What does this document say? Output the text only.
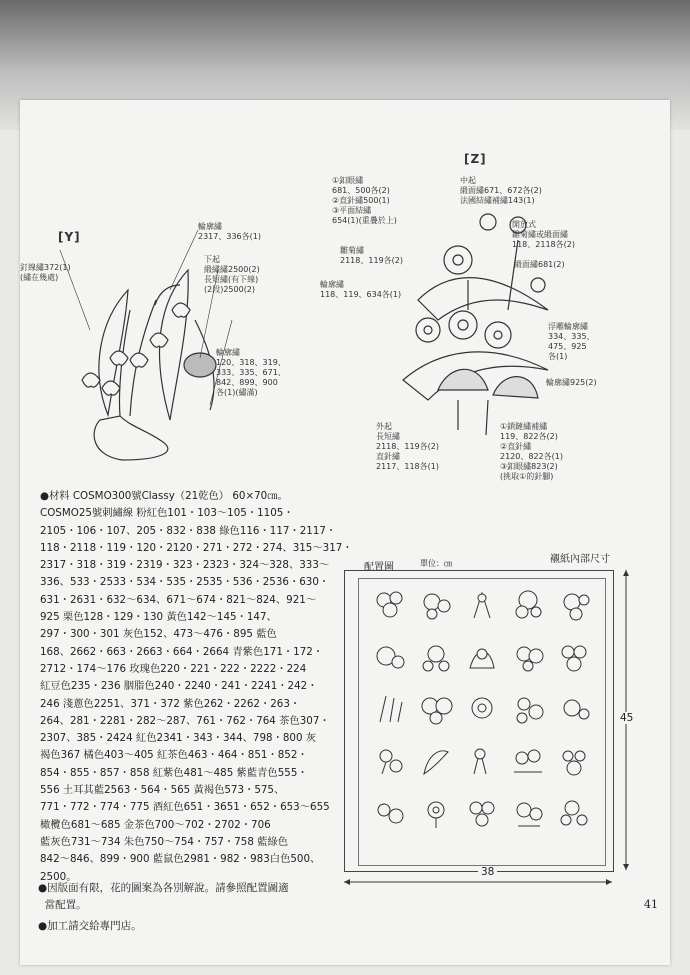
[Y]
輪廓繡
2317、336各(1)
釘線繡372(1)
(繡在幾處)
下起
緞繡繡2500(2)
長短繡(有下線)
(2段)2500(2)
輪廓繡
120、318、319、
333、335、671、
842、899、900
各(1)(繡滿)
[Z]
①釦眼繡
681、500各(2)
②直針繡500(1)
③平面結繡
654(1)(重疊於上)
中起
緞面繡671、672各(2)
法國結繡補繡143(1)
雛菊繡
2118、119各(2)
開放式
雛菊繡或緞面繡
118、2118各(2)
緞面繡681(2)
輪廓繡
118、119、634各(1)
浮雕輪廓繡
334、335、
475、925
各(1)
輪廓繡925(2)
外起
長短繡
2118、119各(2)
直針繡
2117、118各(1)
①鎖鏈繡補繡
119、822各(2)
②直針繡
2120、822各(1)
③釦眼繡823(2)
(挑取①的針腳)
●材料 COSMO300號Classy（21乾色） 60×70㎝。
COSMO25號刺繡線 粉紅色101・103〜105・1105・
2105・106・107、205・832・838 綠色116・117・2117・
118・2118・119・120・2120・271・272・274、315〜317・
2317・318・319・2319・323・2323・324〜328、333〜
336、533・2533・534・535・2535・536・2536・630・
631・2631・632〜634、671〜674・821〜824、921〜
925 栗色128・129・130 黃色142〜145・147、
297・300・301 灰色152、473〜476・895 藍色
168、2662・663・2663・664・2664 青紫色171・172・
2712・174〜176 玫瑰色220・221・222・2222・224
紅豆色235・236 胭脂色240・2240・241・2241・242・
246 淺蔥色2251、371・372 紫色262・2262・263・
264、281・2281・282〜287、761・762・764 茶色307・
2307、385・2424 紅色2341・343・344、798・800 灰
褐色367 橘色403〜405 紅茶色463・464・851・852・
854・855・857・858 紅紫色481〜485 紫藍青色555・
556 土耳其藍2563・564・565 黃褐色573・575、
771・772・774・775 酒紅色651・3651・652・653〜655
橄欖色681〜685 金茶色700〜702・2702・706
藍灰色731〜734 朱色750〜754・757・758 藍綠色
842〜846、899・900 藍鼠色2981・982・983白色500、
2500。
●因版面有限，花的圖案為各別解說。請參照配置圖適
當配置。
●加工請交給專門店。
配置圖	單位：㎝	襯紙內部尺寸
38
45
41
